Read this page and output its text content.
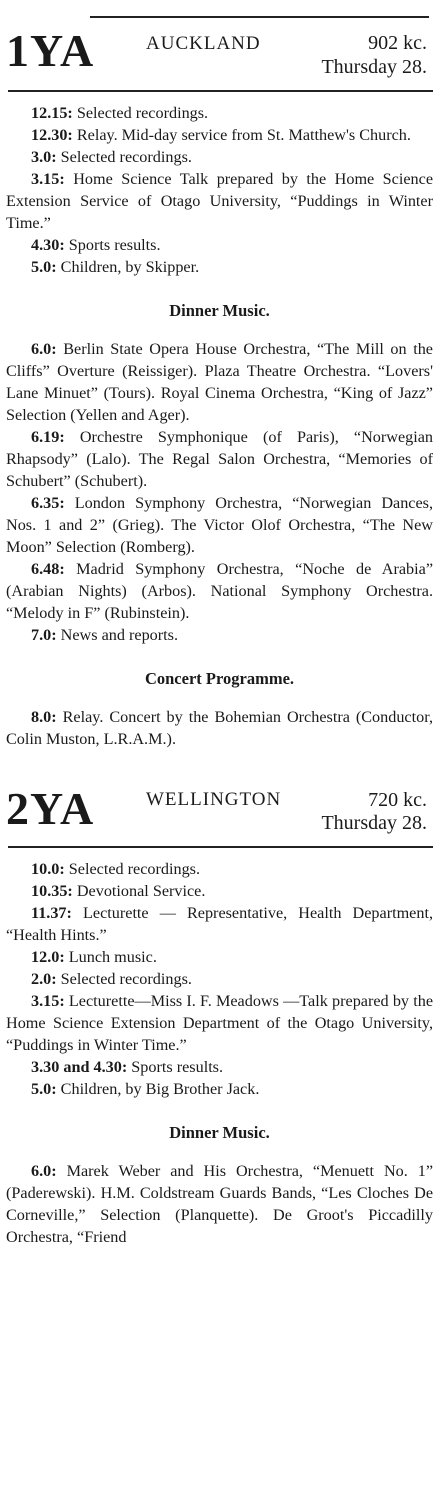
1YA	AUCKLAND	902 kc.
Thursday 28.

12.15: Selected recordings.

12.30: Relay. Mid-day service from St. Matthew's Church.

3.0: Selected recordings.

3.15: Home Science Talk prepared by the Home Science Extension Service of Otago University, “Puddings in Winter Time.”

4.30: Sports results.

5.0: Children, by Skipper.

Dinner Music.

6.0: Berlin State Opera House Orchestra, “The Mill on the Cliffs” Overture (Reissiger). Plaza Theatre Orchestra. “Lovers' Lane Minuet” (Tours). Royal Cinema Orchestra, “King of Jazz” Selection (Yellen and Ager).

6.19: Orchestre Symphonique (of Paris), “Norwegian Rhapsody” (Lalo). The Regal Salon Orchestra, “Memories of Schubert” (Schubert).

6.35: London Symphony Orchestra, “Norwegian Dances, Nos. 1 and 2” (Grieg). The Victor Olof Orchestra, “The New Moon” Selection (Romberg).

6.48: Madrid Symphony Orchestra, “Noche de Arabia” (Arabian Nights) (Arbos). National Symphony Orchestra. “Melody in F” (Rubinstein).

7.0: News and reports.

Concert Programme.

8.0: Relay. Concert by the Bohemian Orchestra (Conductor, Colin Muston, L.R.A.M.).

2YA	WELLINGTON	720 kc.
Thursday 28.

10.0: Selected recordings.

10.35: Devotional Service.

11.37: Lecturette — Representative, Health Department, “Health Hints.”

12.0: Lunch music.

2.0: Selected recordings.

3.15: Lecturette—Miss I. F. Meadows —Talk prepared by the Home Science Extension Department of the Otago University, “Puddings in Winter Time.”

3.30 and 4.30: Sports results.

5.0: Children, by Big Brother Jack.

Dinner Music.

6.0: Marek Weber and His Orchestra, “Menuett No. 1” (Paderewski). H.M. Coldstream Guards Bands, “Les Cloches De Corneville,” Selection (Planquette). De Groot's Piccadilly Orchestra, “Friend
